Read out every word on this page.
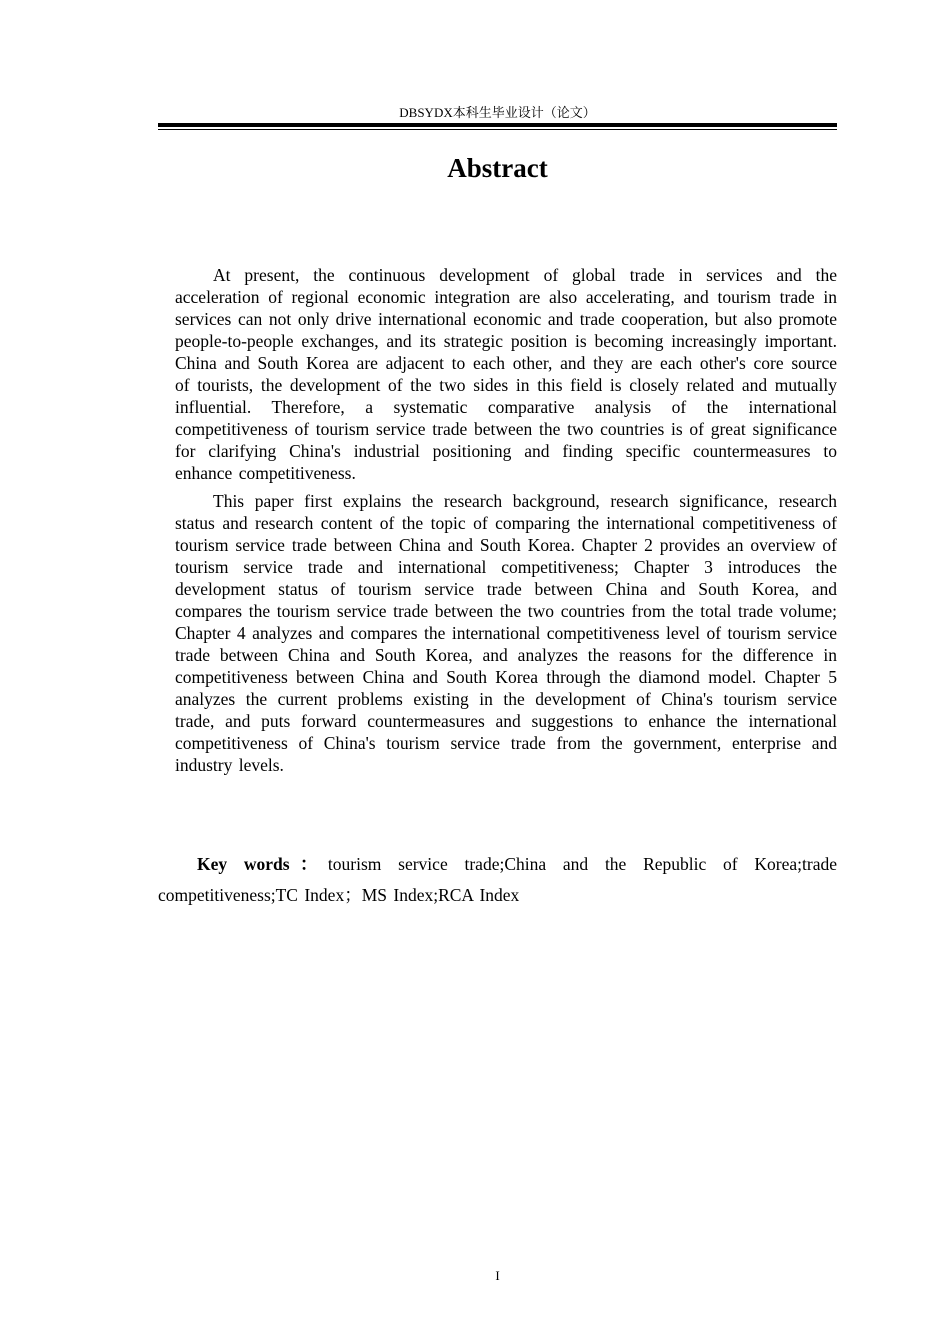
DBSYDX本科生毕业设计（论文）
Abstract

At present, the continuous development of global trade in services and the acceleration of regional economic integration are also accelerating, and tourism trade in services can not only drive international economic and trade cooperation, but also promote people-to-people exchanges, and its strategic position is becoming increasingly important. China and South Korea are adjacent to each other, and they are each other's core source of tourists, the development of the two sides in this field is closely related and mutually influential. Therefore, a systematic comparative analysis of the international competitiveness of tourism service trade between the two countries is of great significance for clarifying China's industrial positioning and finding specific countermeasures to enhance competitiveness.

This paper first explains the research background, research significance, research status and research content of the topic of comparing the international competitiveness of tourism service trade between China and South Korea. Chapter 2 provides an overview of tourism service trade and international competitiveness; Chapter 3 introduces the development status of tourism service trade between China and South Korea, and compares the tourism service trade between the two countries from the total trade volume; Chapter 4 analyzes and compares the international competitiveness level of tourism service trade between China and South Korea, and analyzes the reasons for the difference in competitiveness between China and South Korea through the diamond model. Chapter 5 analyzes the current problems existing in the development of China's tourism service trade, and puts forward countermeasures and suggestions to enhance the international competitiveness of China's tourism service trade from the government, enterprise and industry levels.

Key words：tourism service trade;China and the Republic of Korea;trade competitiveness;TC Index；MS Index;RCA Index

I
